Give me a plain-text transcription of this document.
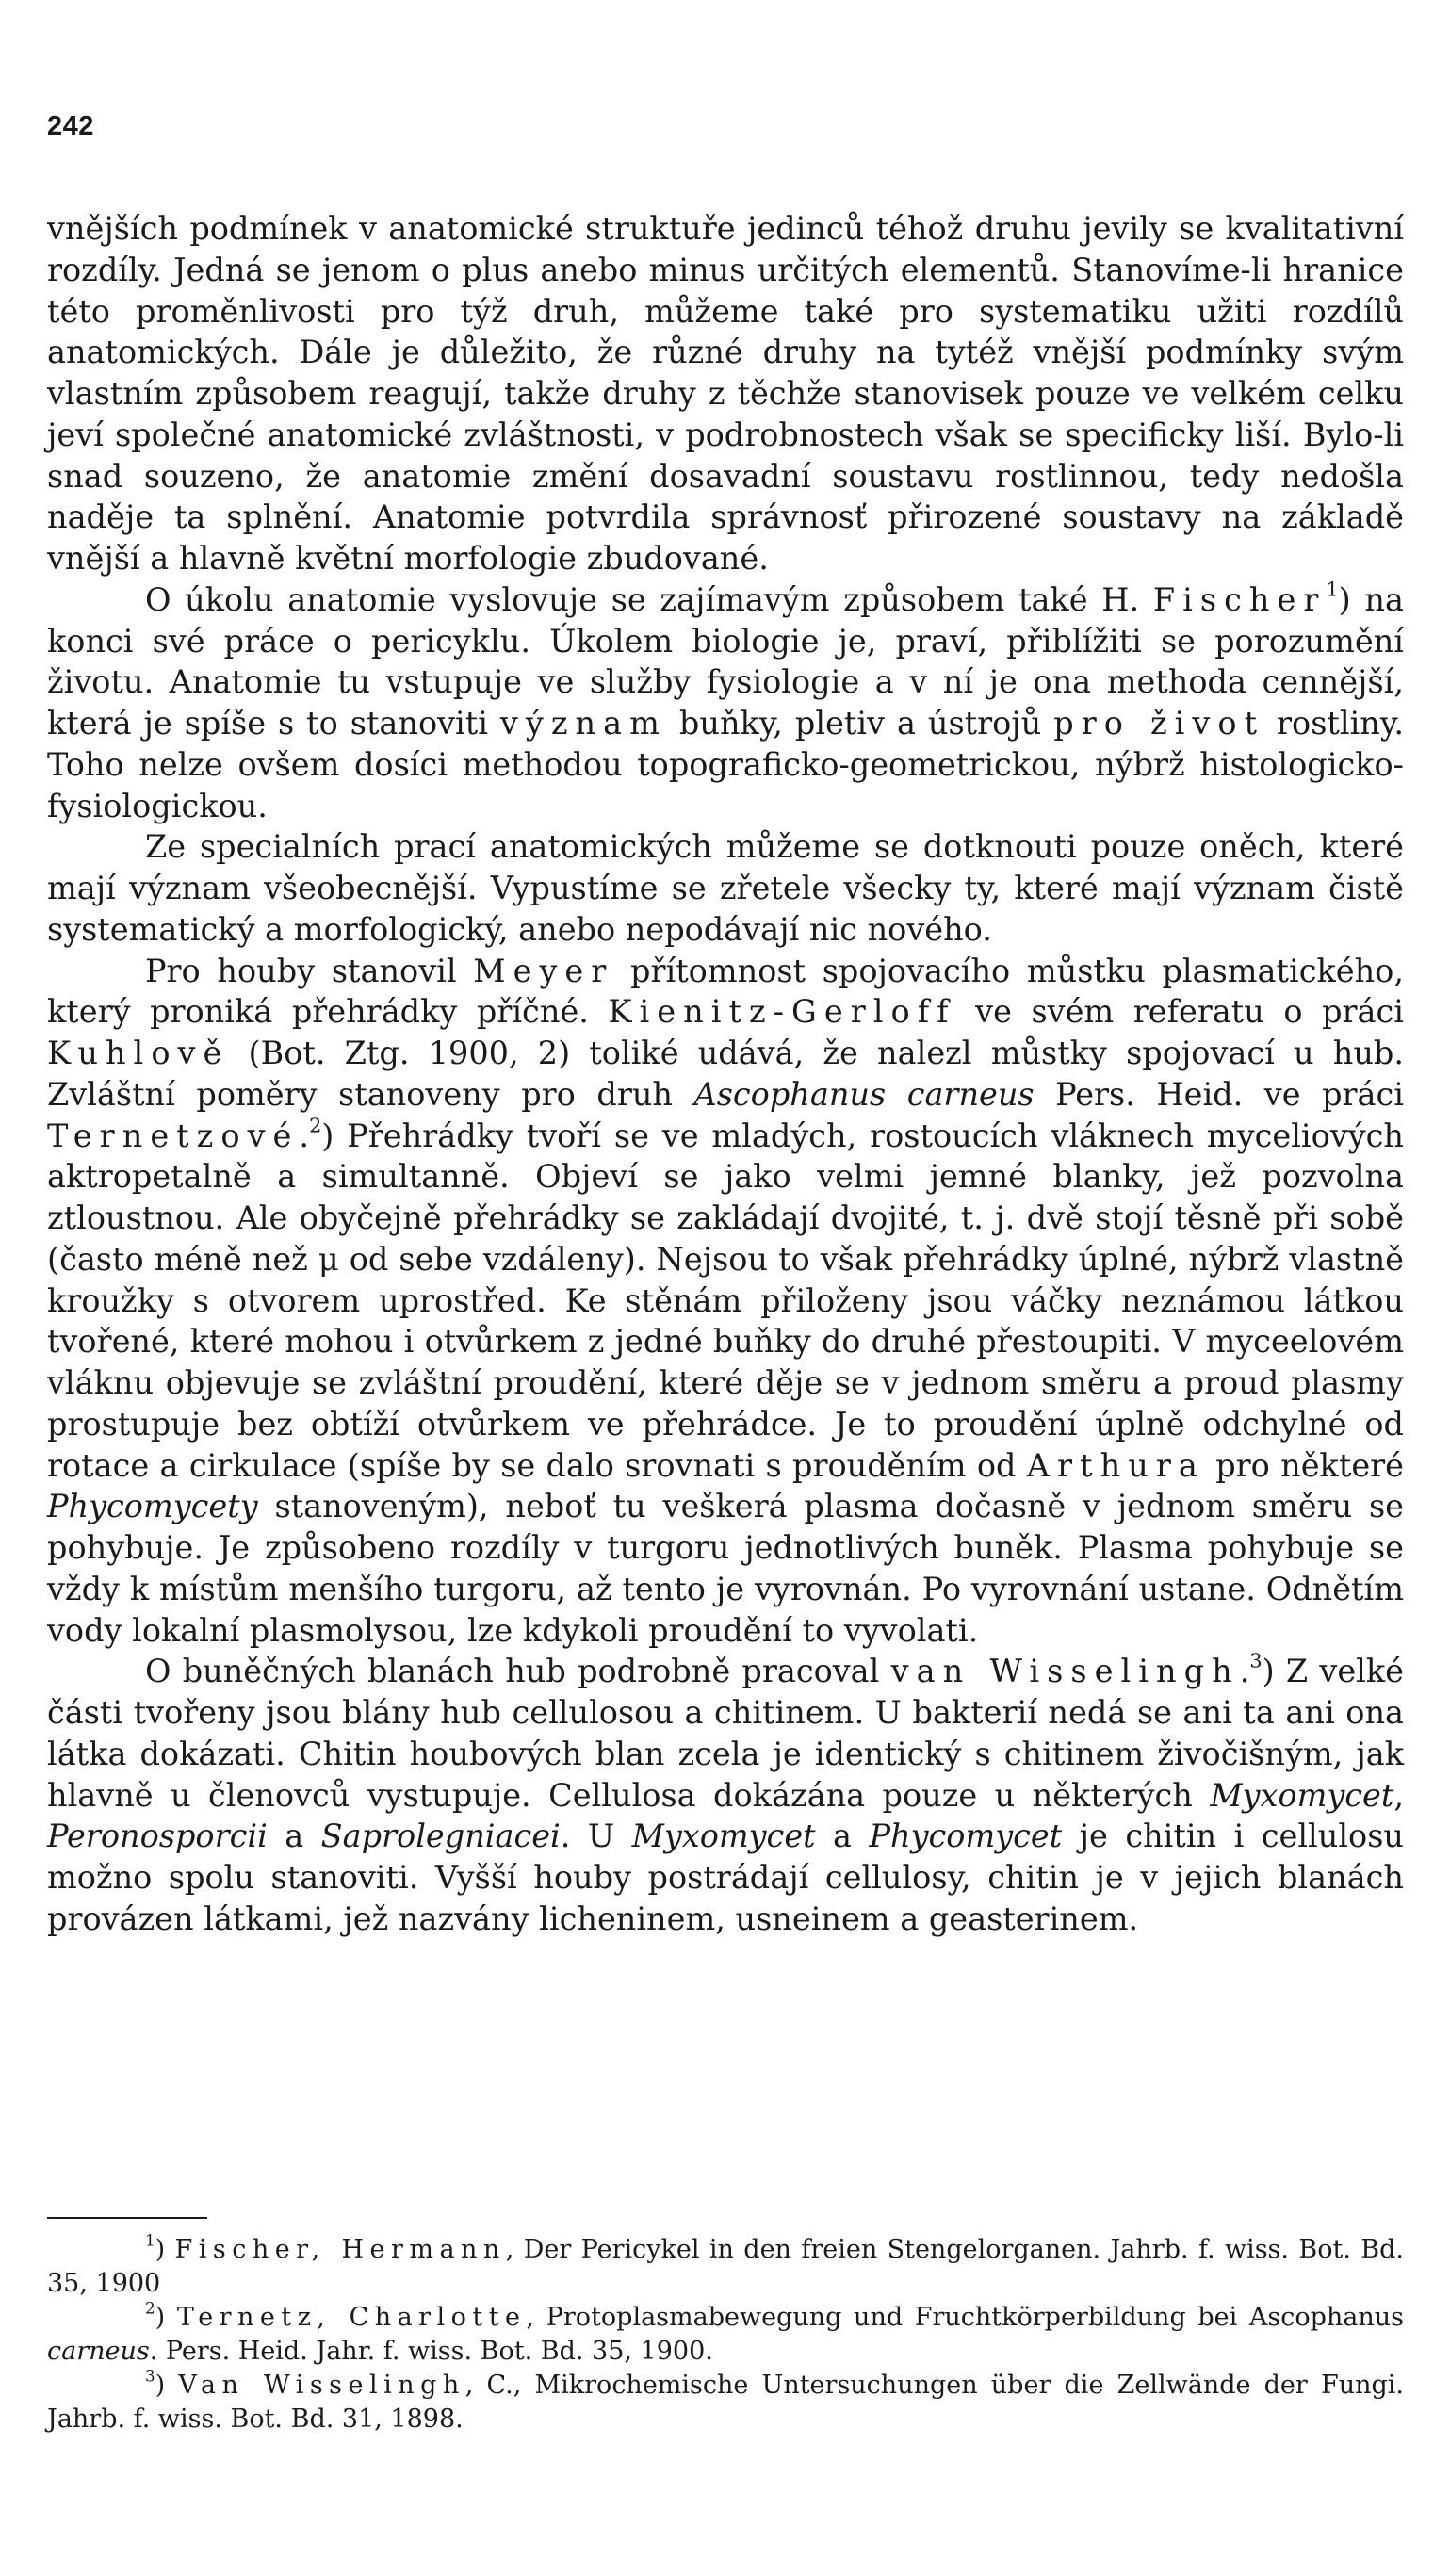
242

vnějších podmínek v anatomické struktuře jedinců téhož druhu jevily se kvalitativní rozdíly. Jedná se jenom o plus anebo minus určitých elementů. Stanovíme-li hranice této proměnlivosti pro týž druh, můžeme také pro systematiku užiti rozdílů anatomických. Dále je důležito, že různé druhy na tytéž vnější podmínky svým vlastním způsobem reagují, takže druhy z těchže stanovisek pouze ve velkém celku jeví společné anatomické zvláštnosti, v podrobnostech však se specificky liší. Bylo-li snad souzeno, že anatomie změní dosavadní soustavu rostlinnou, tedy nedošla naděje ta splnění. Anatomie potvrdila správnosť přirozené soustavy na základě vnější a hlavně květní morfologie zbudované.

O úkolu anatomie vyslovuje se zajímavým způsobem také H. Fischer$^1$) na konci své práce o pericyklu. Úkolem biologie je, praví, přiblížiti se porozumění životu. Anatomie tu vstupuje ve služby fysiologie a v ní je ona methoda cennější, která je spíše s to stanoviti význam buňky, pletiv a ústrojů pro život rostliny. Toho nelze ovšem dosíci methodou topograficko-geometrickou, nýbrž histologicko-fysiologickou.

Ze specialních prací anatomických můžeme se dotknouti pouze oněch, které mají význam všeobecnější. Vypustíme se zřetele všecky ty, které mají význam čistě systematický a morfologický, anebo nepodávají nic nového.

Pro houby stanovil Meyer přítomnost spojovacího můstku plasmatického, který proniká přehrádky příčné. Kienitz-Gerloff ve svém referatu o práci Kuhlově (Bot. Ztg. 1900, 2) toliké udává, že nalezl můstky spojovací u hub. Zvláštní poměry stanoveny pro druh Ascophanus carneus Pers. Heid. ve práci Ternetzové.$^2$) Přehrádky tvoří se ve mladých, rostoucích vláknech myceliových aktropetalně a simultanně. Objeví se jako velmi jemné blanky, jež pozvolna ztloustnou. Ale obyčejně přehrádky se zakládají dvojité, t. j. dvě stojí těsně při sobě (často méně než μ od sebe vzdáleny). Nejsou to však přehrádky úplné, nýbrž vlastně kroužky s otvorem uprostřed. Ke stěnám přiloženy jsou váčky neznámou látkou tvořené, které mohou i otvůrkem z jedné buňky do druhé přestoupiti. V myceelovém vláknu objevuje se zvláštní proudění, které děje se v jednom směru a proud plasmy prostupuje bez obtíží otvůrkem ve přehrádce. Je to proudění úplně odchylné od rotace a cirkulace (spíše by se dalo srovnati s prouděním od Arthura pro některé Phycomycety stanoveným), neboť tu veškerá plasma dočasně v jednom směru se pohybuje. Je způsobeno rozdíly v turgoru jednotlivých buněk. Plasma pohybuje se vždy k místům menšího turgoru, až tento je vyrovnán. Po vyrovnání ustane. Odnětím vody lokalní plasmolysou, lze kdykoli proudění to vyvolati.

O buněčných blanách hub podrobně pracoval van Wisselingh.$^3$) Z velké části tvořeny jsou blány hub cellulosou a chitinem. U bakterií nedá se ani ta ani ona látka dokázati. Chitin houbových blan zcela je identický s chitinem živočišným, jak hlavně u členovců vystupuje. Cellulosa dokázána pouze u některých Myxomycet, Peronosporcii a Saprolegniacei. U Myxomycet a Phycomycet je chitin i cellulosu možno spolu stanoviti. Vyšší houby postrádají cellulosy, chitin je v jejich blanách provázen látkami, jež nazvány licheninem, usneinem a geasterinem.

$^1$) Fischer, Hermann, Der Pericykel in den freien Stengelorganen. Jahrb. f. wiss. Bot. Bd. 35, 1900

$^2$) Ternetz, Charlotte, Protoplasmabewegung und Fruchtkörperbildung bei Ascophanus carneus. Pers. Heid. Jahr. f. wiss. Bot. Bd. 35, 1900.

$^3$) Van Wisselingh, C., Mikrochemische Untersuchungen über die Zellwände der Fungi. Jahrb. f. wiss. Bot. Bd. 31, 1898.
